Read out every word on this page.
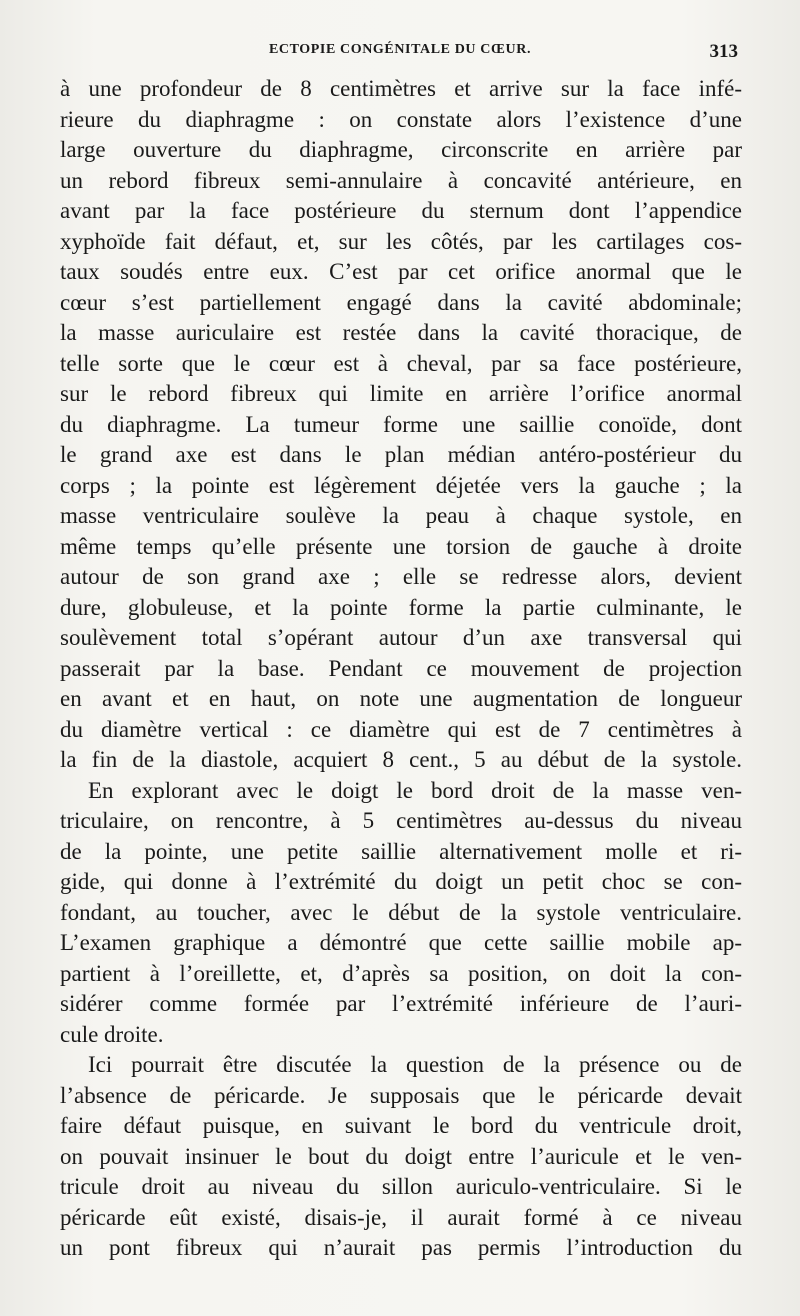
ECTOPIE CONGÉNITALE DU CŒUR.	313
à une profondeur de 8 centimètres et arrive sur la face infé-
rieure du diaphragme : on constate alors l’existence d’une
large ouverture du diaphragme, circonscrite en arrière par
un rebord fibreux semi-annulaire à concavité antérieure, en
avant par la face postérieure du sternum dont l’appendice
xyphoïde fait défaut, et, sur les côtés, par les cartilages cos-
taux soudés entre eux. C’est par cet orifice anormal que le
cœur s’est partiellement engagé dans la cavité abdominale;
la masse auriculaire est restée dans la cavité thoracique, de
telle sorte que le cœur est à cheval, par sa face postérieure,
sur le rebord fibreux qui limite en arrière l’orifice anormal
du diaphragme. La tumeur forme une saillie conoïde, dont
le grand axe est dans le plan médian antéro-postérieur du
corps ; la pointe est légèrement déjetée vers la gauche ; la
masse ventriculaire soulève la peau à chaque systole, en
même temps qu’elle présente une torsion de gauche à droite
autour de son grand axe ; elle se redresse alors, devient
dure, globuleuse, et la pointe forme la partie culminante, le
soulèvement total s’opérant autour d’un axe transversal qui
passerait par la base. Pendant ce mouvement de projection
en avant et en haut, on note une augmentation de longueur
du diamètre vertical : ce diamètre qui est de 7 centimètres à
la fin de la diastole, acquiert 8 cent., 5 au début de la systole.
En explorant avec le doigt le bord droit de la masse ven-
triculaire, on rencontre, à 5 centimètres au-dessus du niveau
de la pointe, une petite saillie alternativement molle et ri-
gide, qui donne à l’extrémité du doigt un petit choc se con-
fondant, au toucher, avec le début de la systole ventriculaire.
L’examen graphique a démontré que cette saillie mobile ap-
partient à l’oreillette, et, d’après sa position, on doit la con-
sidérer comme formée par l’extrémité inférieure de l’auri-
cule droite.
Ici pourrait être discutée la question de la présence ou de
l’absence de péricarde. Je supposais que le péricarde devait
faire défaut puisque, en suivant le bord du ventricule droit,
on pouvait insinuer le bout du doigt entre l’auricule et le ven-
tricule droit au niveau du sillon auriculo-ventriculaire. Si le
péricarde eût existé, disais-je, il aurait formé à ce niveau
un pont fibreux qui n’aurait pas permis l’introduction du
